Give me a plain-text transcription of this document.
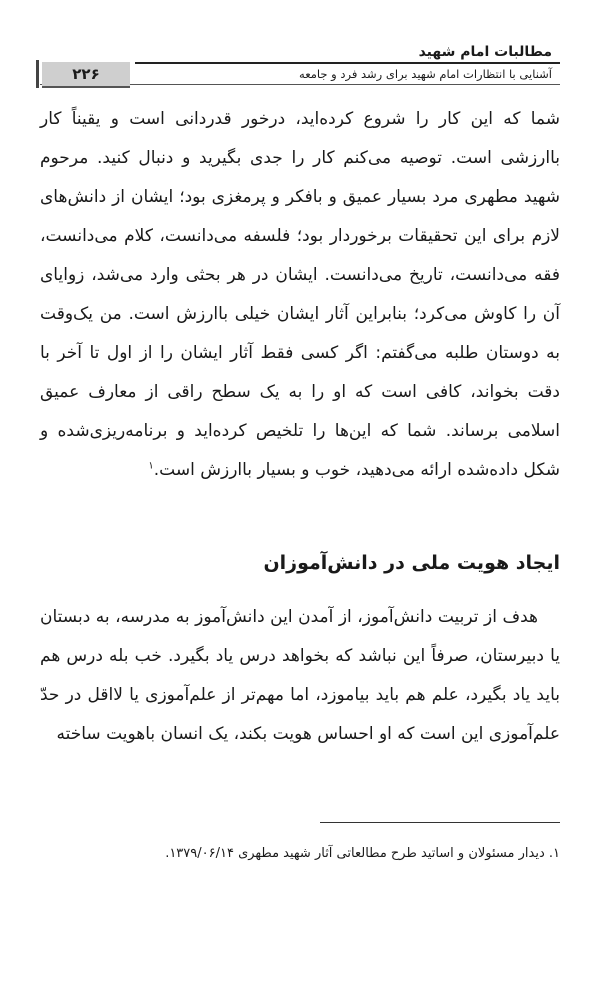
مطالبات امام شهید
آشنایی با انتظارات امام شهید برای رشد فرد و جامعه
۲۲۶

شما که این کار را شروع کرده‌اید، درخور قدردانی است و یقیناً کار باارزشی است. توصیه می‌کنم کار را جدی بگیرید و دنبال کنید. مرحوم شهید مطهری مرد بسیار عمیق و بافکر و پرمغزی بود؛ ایشان از دانش‌های لازم برای این تحقیقات برخوردار بود؛ فلسفه می‌دانست، کلام می‌دانست، فقه می‌دانست، تاریخ می‌دانست. ایشان در هر بحثی وارد می‌شد، زوایای آن را کاوش می‌کرد؛ بنابراین آثار ایشان خیلی باارزش است. من یک‌وقت به دوستان طلبه می‌گفتم: اگر کسی فقط آثار ایشان را از اول تا آخر با دقت بخواند، کافی است که او را به یک سطح راقی از معارف عمیق اسلامی برساند. شما که این‌ها را تلخیص کرده‌اید و برنامه‌ریزی‌شده و شکل داده‌شده ارائه می‌دهید، خوب و بسیار باارزش است.$^۱$

ایجاد هویت ملی در دانش‌آموزان

هدف از تربیت دانش‌آموز، از آمدن این دانش‌آموز به مدرسه، به دبستان یا دبیرستان، صرفاً این نباشد که بخواهد درس یاد بگیرد. خب بله درس هم باید یاد بگیرد، علم هم باید بیاموزد، اما مهم‌تر از علم‌آموزی یا لااقل در حدّ علم‌آموزی این است که او احساس هویت بکند، یک انسان باهویت ساخته

۱. دیدار مسئولان و اساتید طرح مطالعاتی آثار شهید مطهری ۱۳۷۹/۰۶/۱۴.
